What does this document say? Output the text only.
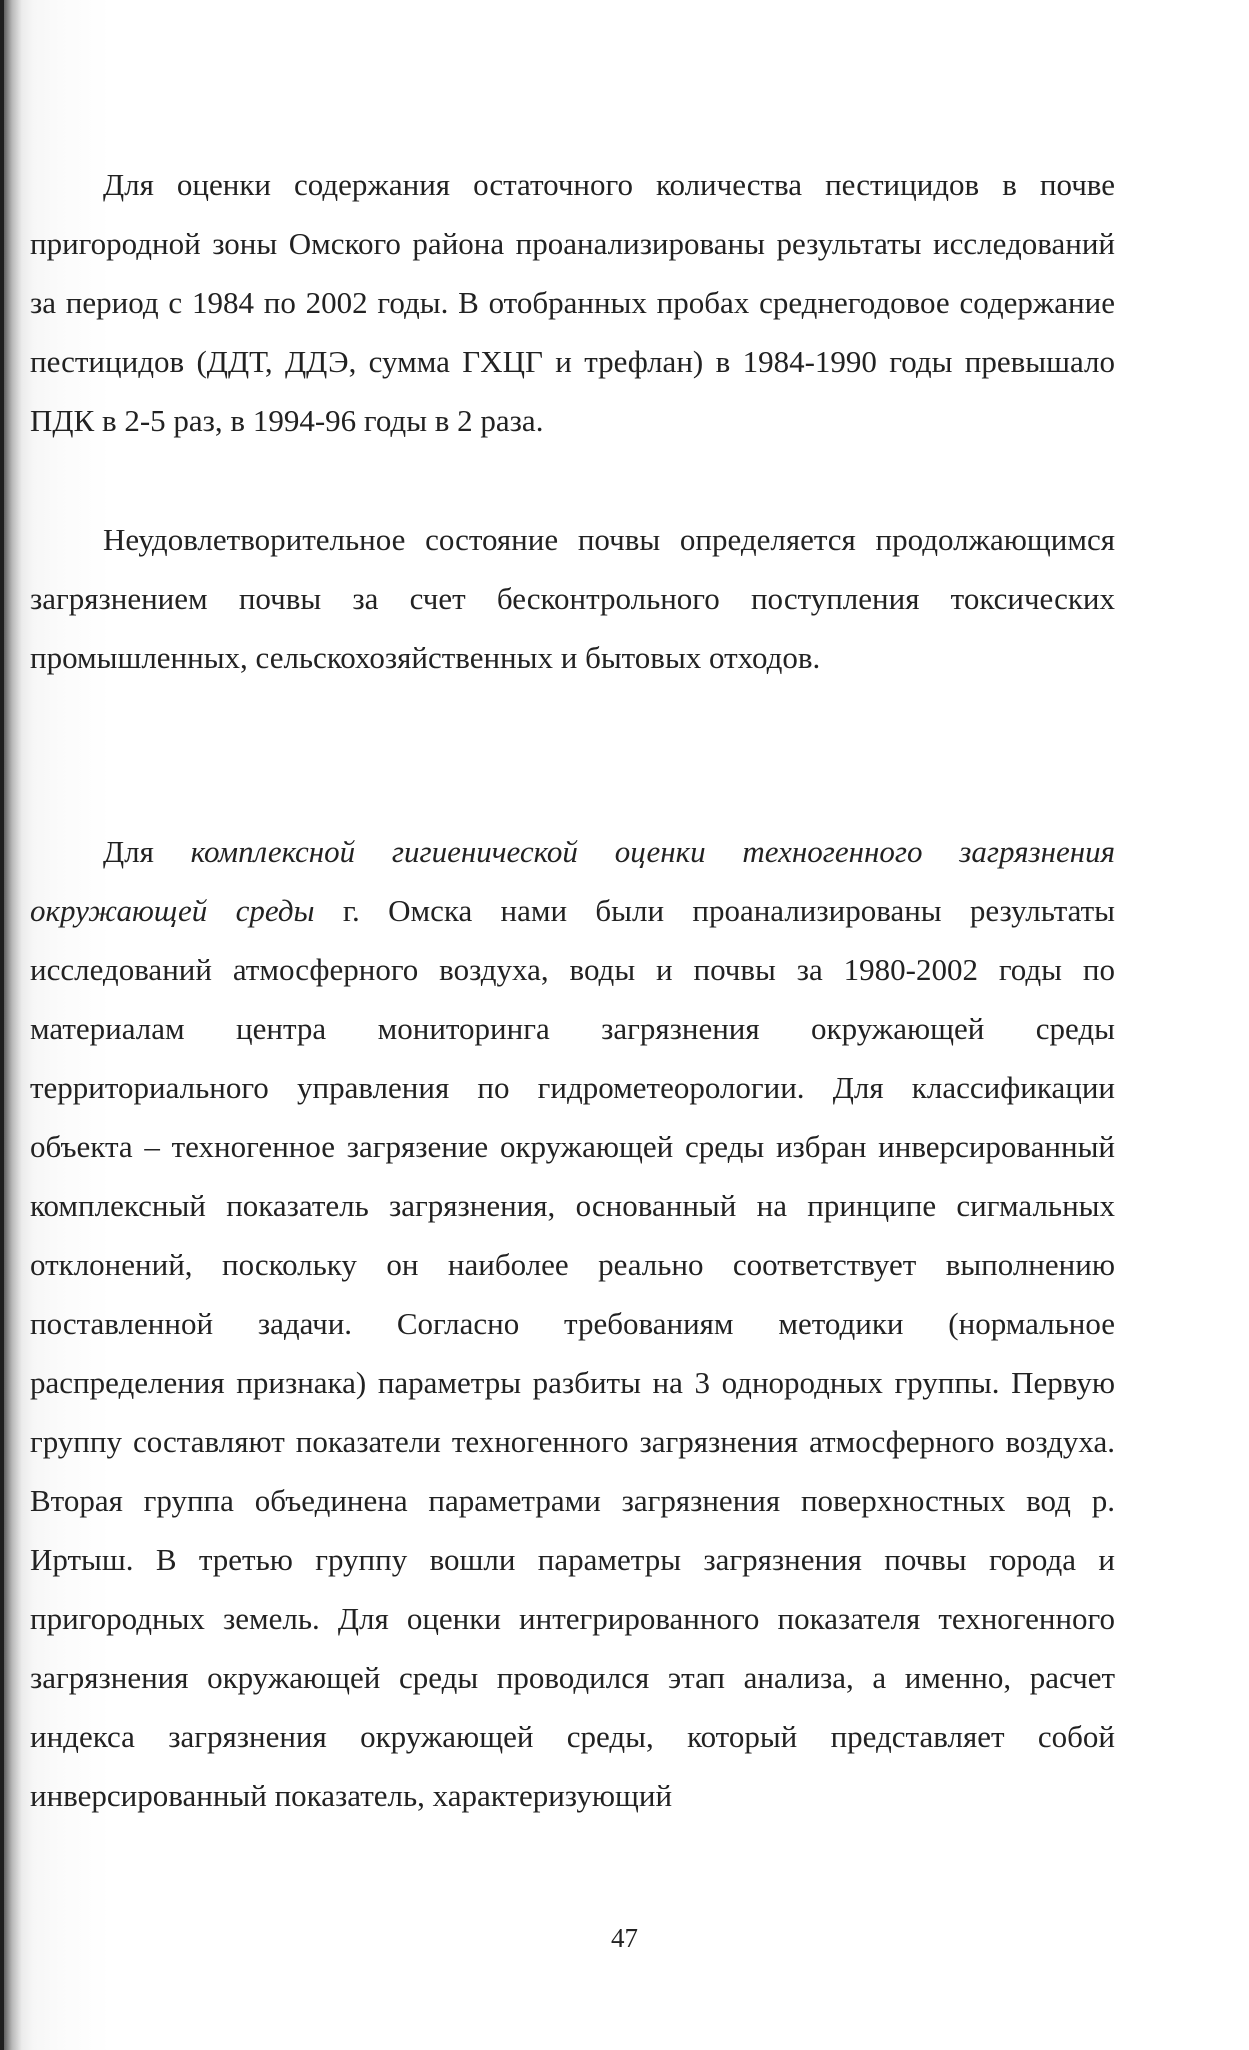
Для оценки содержания остаточного количества пестицидов в почве пригородной зоны Омского района проанализированы результаты исследований за период с 1984 по 2002 годы. В отобранных пробах среднегодовое содержание пестицидов (ДДТ, ДДЭ, сумма ГХЦГ и трефлан) в 1984-1990 годы превышало ПДК в 2-5 раз, в 1994-96 годы в 2 раза.

Неудовлетворительное состояние почвы определяется продолжающимся загрязнением почвы за счет бесконтрольного поступления токсических промышленных, сельскохозяйственных и бытовых отходов.

Для комплексной гигиенической оценки техногенного загрязнения окружающей среды г. Омска нами были проанализированы результаты исследований атмосферного воздуха, воды и почвы за 1980-2002 годы по материалам центра мониторинга загрязнения окружающей среды территориального управления по гидрометеорологии. Для классификации объекта – техногенное загрязение окружающей среды избран инверсированный комплексный показатель загрязнения, основанный на принципе сигмальных отклонений, поскольку он наиболее реально соответствует выполнению поставленной задачи. Согласно требованиям методики (нормальное распределения признака) параметры разбиты на 3 однородных группы. Первую группу составляют показатели техногенного загрязнения атмосферного воздуха. Вторая группа объединена параметрами загрязнения поверхностных вод р. Иртыш. В третью группу вошли параметры загрязнения почвы города и пригородных земель. Для оценки интегрированного показателя техногенного загрязнения окружающей среды проводился этап анализа, а именно, расчет индекса загрязнения окружающей среды, который представляет собой инверсированный показатель, характеризующий

47
